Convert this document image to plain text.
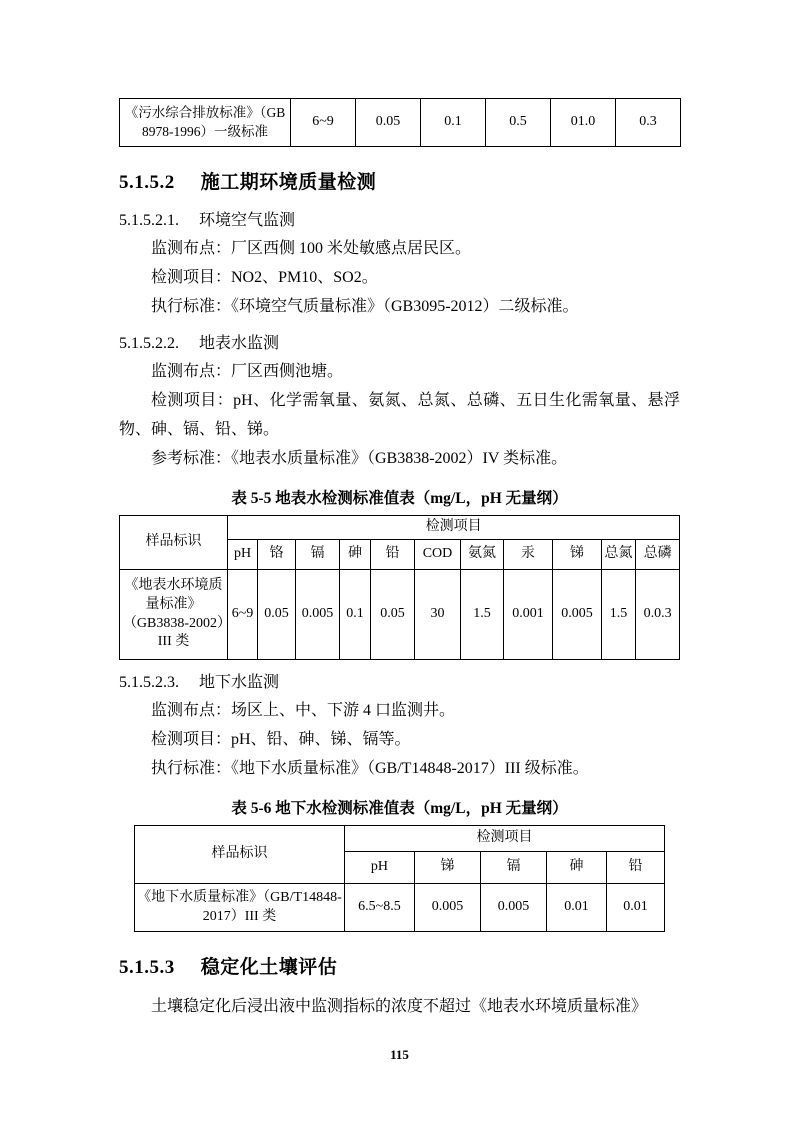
《污水综合排放标准》（GB 8978-1996）一级标准	6~9	0.05	0.1	0.5	01.0	0.3
5.1.5.2 施工期环境质量检测
5.1.5.2.1. 环境空气监测

监测布点：厂区西侧 100 米处敏感点居民区。

检测项目：NO2、PM10、SO2。

执行标准：《环境空气质量标准》（GB3095-2012）二级标准。

5.1.5.2.2. 地表水监测

监测布点：厂区西侧池塘。

检测项目：pH、化学需氧量、氨氮、总氮、总磷、五日生化需氧量、悬浮物、砷、镉、铅、锑。

参考标准：《地表水质量标准》（GB3838-2002）IV 类标准。

表 5-5 地表水检测标准值表（mg/L，pH 无量纲）

样品标识	检测项目										
	pH	铬	镉	砷	铅	COD	氨氮	汞	锑	总氮	总磷
《地表水环境质量标准》（GB3838-2002）III 类	6~9	0.05	0.005	0.1	0.05	30	1.5	0.001	0.005	1.5	0.0.3
5.1.5.2.3. 地下水监测

监测布点：场区上、中、下游 4 口监测井。

检测项目：pH、铅、砷、锑、镉等。

执行标准：《地下水质量标准》（GB/T14848-2017）III 级标准。

表 5-6 地下水检测标准值表（mg/L，pH 无量纲）

样品标识	检测项目				
	pH	锑	镉	砷	铅
《地下水质量标准》（GB/T14848-2017）III 类	6.5~8.5	0.005	0.005	0.01	0.01
5.1.5.3 稳定化土壤评估

土壤稳定化后浸出液中监测指标的浓度不超过《地表水环境质量标准》

115
